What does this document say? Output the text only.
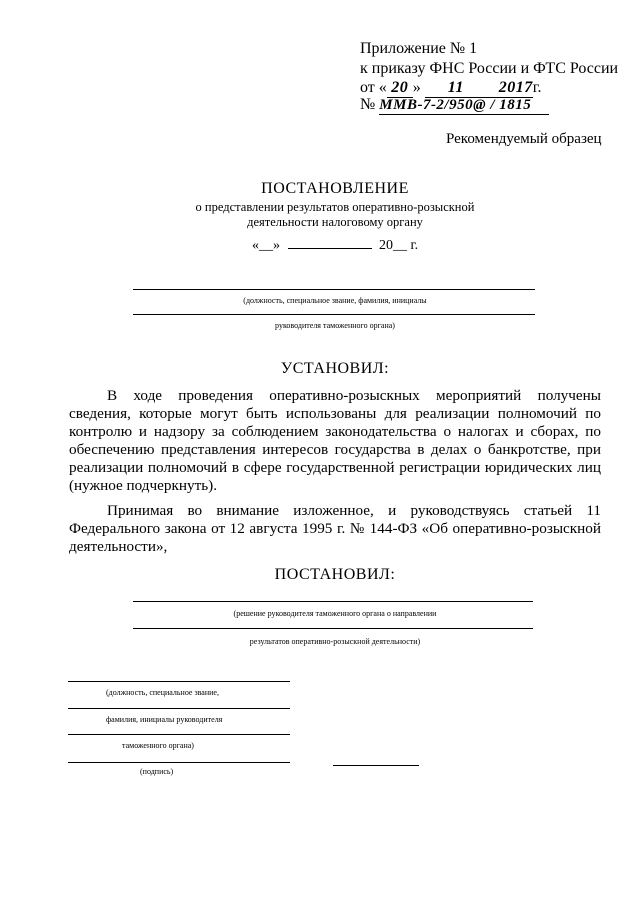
Приложение № 1
к приказу ФНС России и ФТС России
от « 20 » 11 2017г.
№ ММВ-7-2/950@ / 1815
Рекомендуемый образец
ПОСТАНОВЛЕНИЕ
о представлении результатов оперативно-розыскной
деятельности налоговому органу
«__»	20__ г.
(должность, специальное звание, фамилия, инициалы
руководителя таможенного органа)
УСТАНОВИЛ:
В ходе проведения оперативно-розыскных мероприятий получены
сведения, которые могут быть использованы для реализации полномочий по контролю и надзору за соблюдением законодательства о налогах и сборах, по обеспечению представления интересов государства в делах о банкротстве, при реализации полномочий в сфере государственной регистрации юридических лиц (нужное подчеркнуть).
Принимая во внимание изложенное, и руководствуясь статьей 11
Федерального закона от 12 августа 1995 г. № 144-ФЗ «Об оперативно-розыскной деятельности»,
ПОСТАНОВИЛ:
(решение руководителя таможенного органа о направлении
результатов оперативно-розыскной деятельности)
(должность, специальное звание,
фамилия, инициалы руководителя
таможенного органа)
(подпись)
